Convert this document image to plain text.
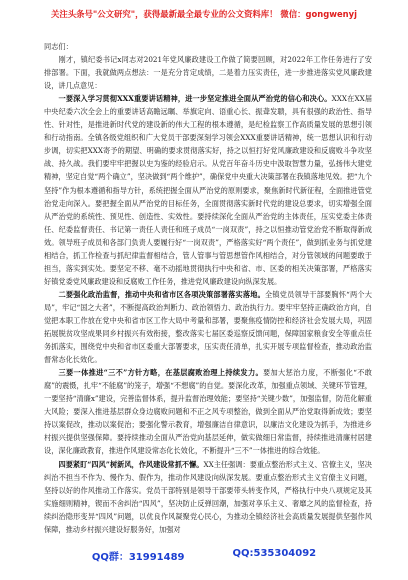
关注头条号"公文研究"，获得最新最全最专业的公文资料库！ 微信：gongwenyj

同志们：

刚才，镇纪委书记x同志对2021年党风廉政建设工作做了简要回顾，对2022年工作任务进行了安排部署。下面，我就做两点想法：一是充分肯定成绩，二是着力压实责任，进一步推进落实党风廉政建设，讲几点意见：

一要深入学习贯彻XXX重要讲话精神，进一步坚定推进全面从严治党的信心和决心。XXX在XX届中央纪委六次全会上的重要讲话高瞻远瞩、举旗定向、语重心长、振聋发聩，具有很强的政治性、指导性、针对性，是推进新时代党的建设新的伟大工程的根本遵循，是纪检监察工作高质量发展的思想引领和行动指南。全镇各级党组织和广大党员干部要深刻学习领会XXX重要讲话精神，统一思想认识和行动步调，切实把XXX寄予的期望、明确的要求贯彻落实好，持之以恒打好党风廉政建设和反腐败斗争攻坚战、持久战。我们要牢牢把握以史为鉴的经验启示。从党百年奋斗历史中汲取智慧力量，弘扬伟大建党精神，坚定自觉“两个确立”，坚决做到“两个维护”，确保党中央重大决策部署在我镇落地见效。把“九个坚持”作为根本遵循和指导方针，系统把握全面从严治党的原则要求，聚焦新时代新征程，全面推进管党治党走向深入。要把握全面从严治党的目标任务，全面贯彻落实新时代党的建设总要求，切实增强全面从严治党的系统性、预见性、创造性、实效性。要持续深化全面从严治党的主体责任，压实党委主体责任、纪委监督责任、书记第一责任人责任和班子成员“一岗双责”，持之以恒推动管党治党不断取得新成效。领导班子成员和各部门负责人要履行好“一岗双责”，严格落实好“两个责任”，做到抓业务与抓党建相结合，抓工作检查与抓纪律监督相结合，管人管事与管思想管作风相结合，对分管领域的问题要敢于担当，落实到实处。要坚定不移、毫不动摇地贯彻执行中央和省、市、区委的相关决策部署，严格落实好镇党委党风廉政建设和反腐败工作任务，推进党风廉政建设向纵深发展。

二要强化政治监督，推动中央和省市区各项决策部署落实落地。全镇党员领导干部要胸怀“两个大局”，牢记“国之大者”，不断提高政治判断力、政治领悟力、政治执行力。要牢牢坚持正确政治方向，自觉把本职工作放在党中央和省市区工作大局中考量和部署，要聚焦疫情防控和经济社会发展大局，巩固拓展脱贫攻坚成果同乡村振兴有效衔接，整改落实七届区委巡察反馈问题，保障国家粮食安全等重点任务抓落实，围绕党中央和省市区委重大部署要求，压实责任清单，扎实开展专项监督检查，推动政治监督常态化长效化。

三要一体推进“三不”方针方略，在基层腐败治理上持续发力。要加大惩治力度，不断强化“不敢腐”的震慑，扎牢“不能腐”的笼子，增强“不想腐”的自觉。要深化改革，加强重点领域、关键环节管理，一要坚持“清廉x”建设，完善监督体系，提升监督治理效能；要坚持“关键少数”，加强监督，防范化解重大风险；要深入推进基层群众身边腐败问题和不正之风专项整治，做到全面从严治党取得新成效；要坚持以案促改，推动以案促治；要强化警示教育，增强廉洁自律意识，以廉洁文化建设为抓手，为推进乡村振兴提供坚强保障。要持续推动全面从严治党向基层延伸，做实做细日常监督，持续推进清廉村居建设，深化廉政教育，推进作风建设常态化长效化，不断提升“三不”一体推进的综合效能。

四要紧盯“四风”树新风，作风建设常抓不懈。XX主任强调：要重点整治形式主义、官僚主义，坚决纠治不担当不作为、慢作为、假作为，推动作风建设向纵深发展。要重点整治形式主义官僚主义问题，坚持以好的作风推动工作落实。党员干部特别是领导干部要带头转变作风，严格执行中央八项规定及其实施细则精神，锲而不舍纠治“四风”，坚决防止反弹回潮，加强对享乐主义、奢靡之风的监督检查，持续纠治隐形变异“四风”问题，以优良作风凝聚党心民心，为推动全镇经济社会高质量发展提供坚强作风保障，推动乡村振兴建设好服务好，加强对

QQ群：31991489	QQ:535304092
